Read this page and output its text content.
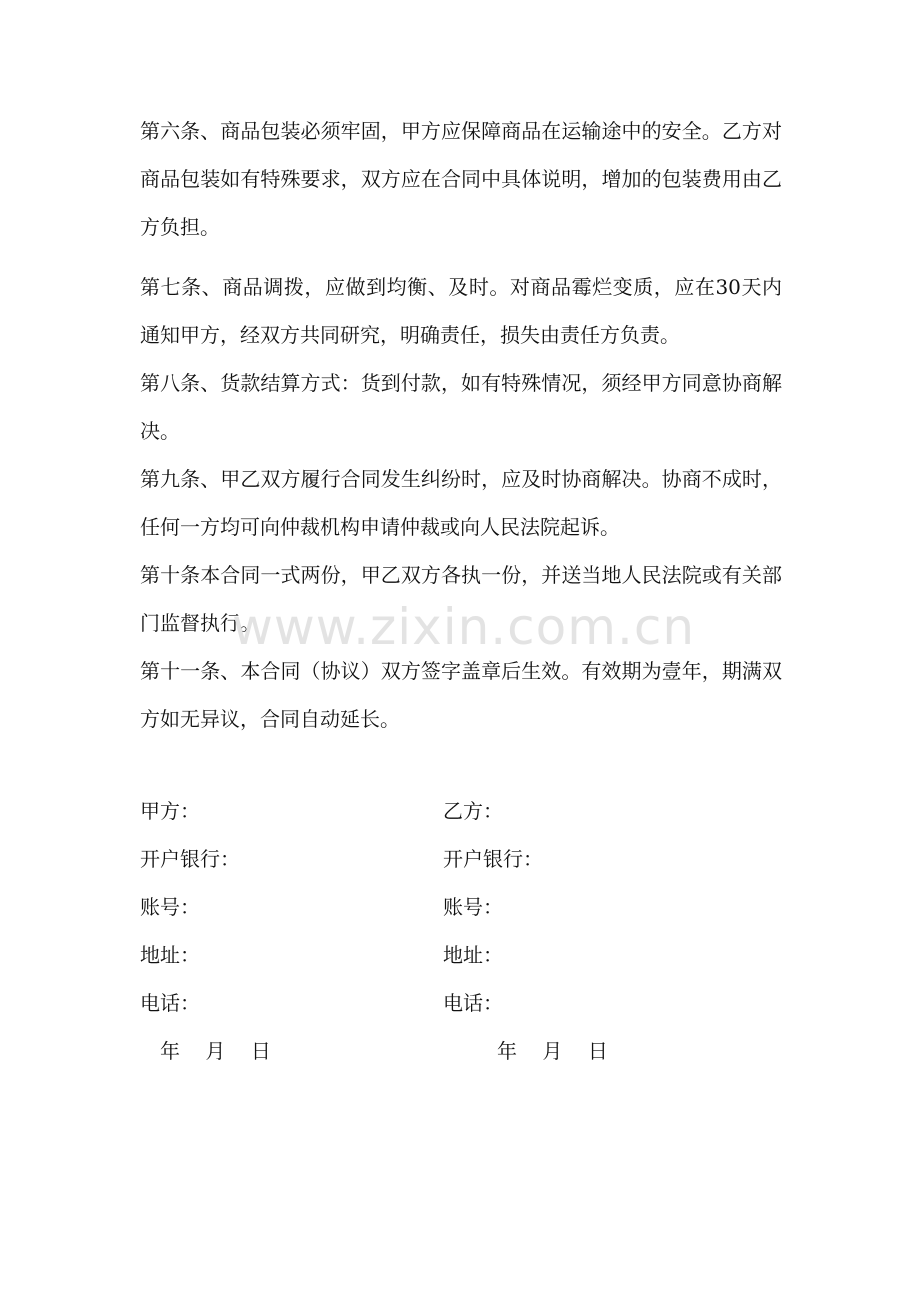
第六条、商品包装必须牢固，甲方应保障商品在运输途中的安全。乙方对商品包装如有特殊要求，双方应在合同中具体说明，增加的包装费用由乙方负担。

第七条、商品调拨，应做到均衡、及时。对商品霉烂变质，应在30天内通知甲方，经双方共同研究，明确责任，损失由责任方负责。

第八条、货款结算方式：货到付款，如有特殊情况，须经甲方同意协商解决。

第九条、甲乙双方履行合同发生纠纷时，应及时协商解决。协商不成时，任何一方均可向仲裁机构申请仲裁或向人民法院起诉。

第十条本合同一式两份，甲乙双方各执一份，并送当地人民法院或有关部门监督执行。

第十一条、本合同（协议）双方签字盖章后生效。有效期为壹年，期满双方如无异议，合同自动延长。

www.zixin.com.cn
甲方：
开户银行：
账号：
地址：
电话：
年    月    日
乙方：
开户银行：
账号：
地址：
电话：
年    月    日
